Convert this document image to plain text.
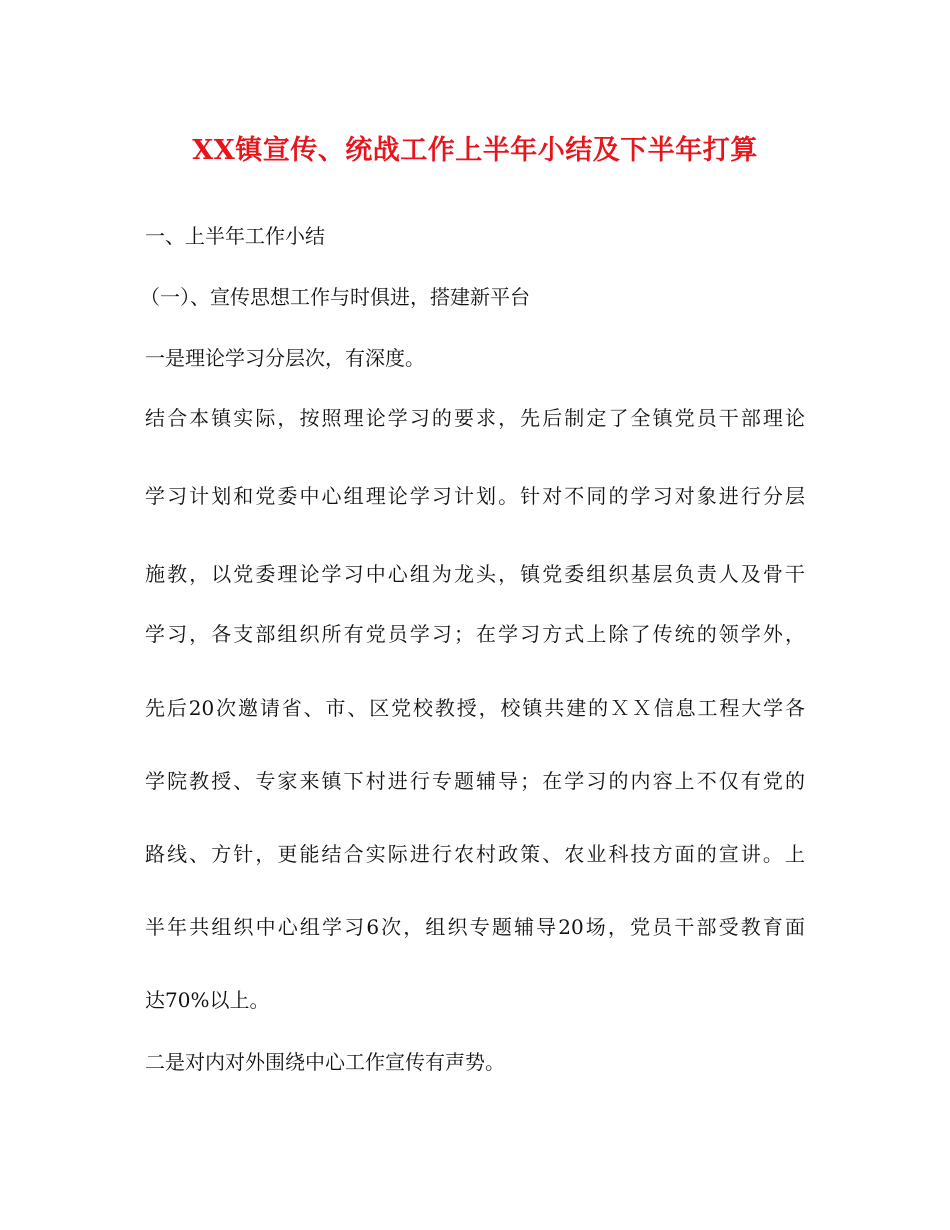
XX镇宣传、统战工作上半年小结及下半年打算
一、上半年工作小结
（一）、宣传思想工作与时俱进，搭建新平台
一是理论学习分层次，有深度。
结合本镇实际，按照理论学习的要求，先后制定了全镇党员干部理论
学习计划和党委中心组理论学习计划。针对不同的学习对象进行分层
施教，以党委理论学习中心组为龙头，镇党委组织基层负责人及骨干
学习，各支部组织所有党员学习；在学习方式上除了传统的领学外，
先后20次邀请省、市、区党校教授，校镇共建的ＸＸ信息工程大学各
学院教授、专家来镇下村进行专题辅导；在学习的内容上不仅有党的
路线、方针，更能结合实际进行农村政策、农业科技方面的宣讲。上
半年共组织中心组学习6次，组织专题辅导20场，党员干部受教育面
达70%以上。
二是对内对外围绕中心工作宣传有声势。
